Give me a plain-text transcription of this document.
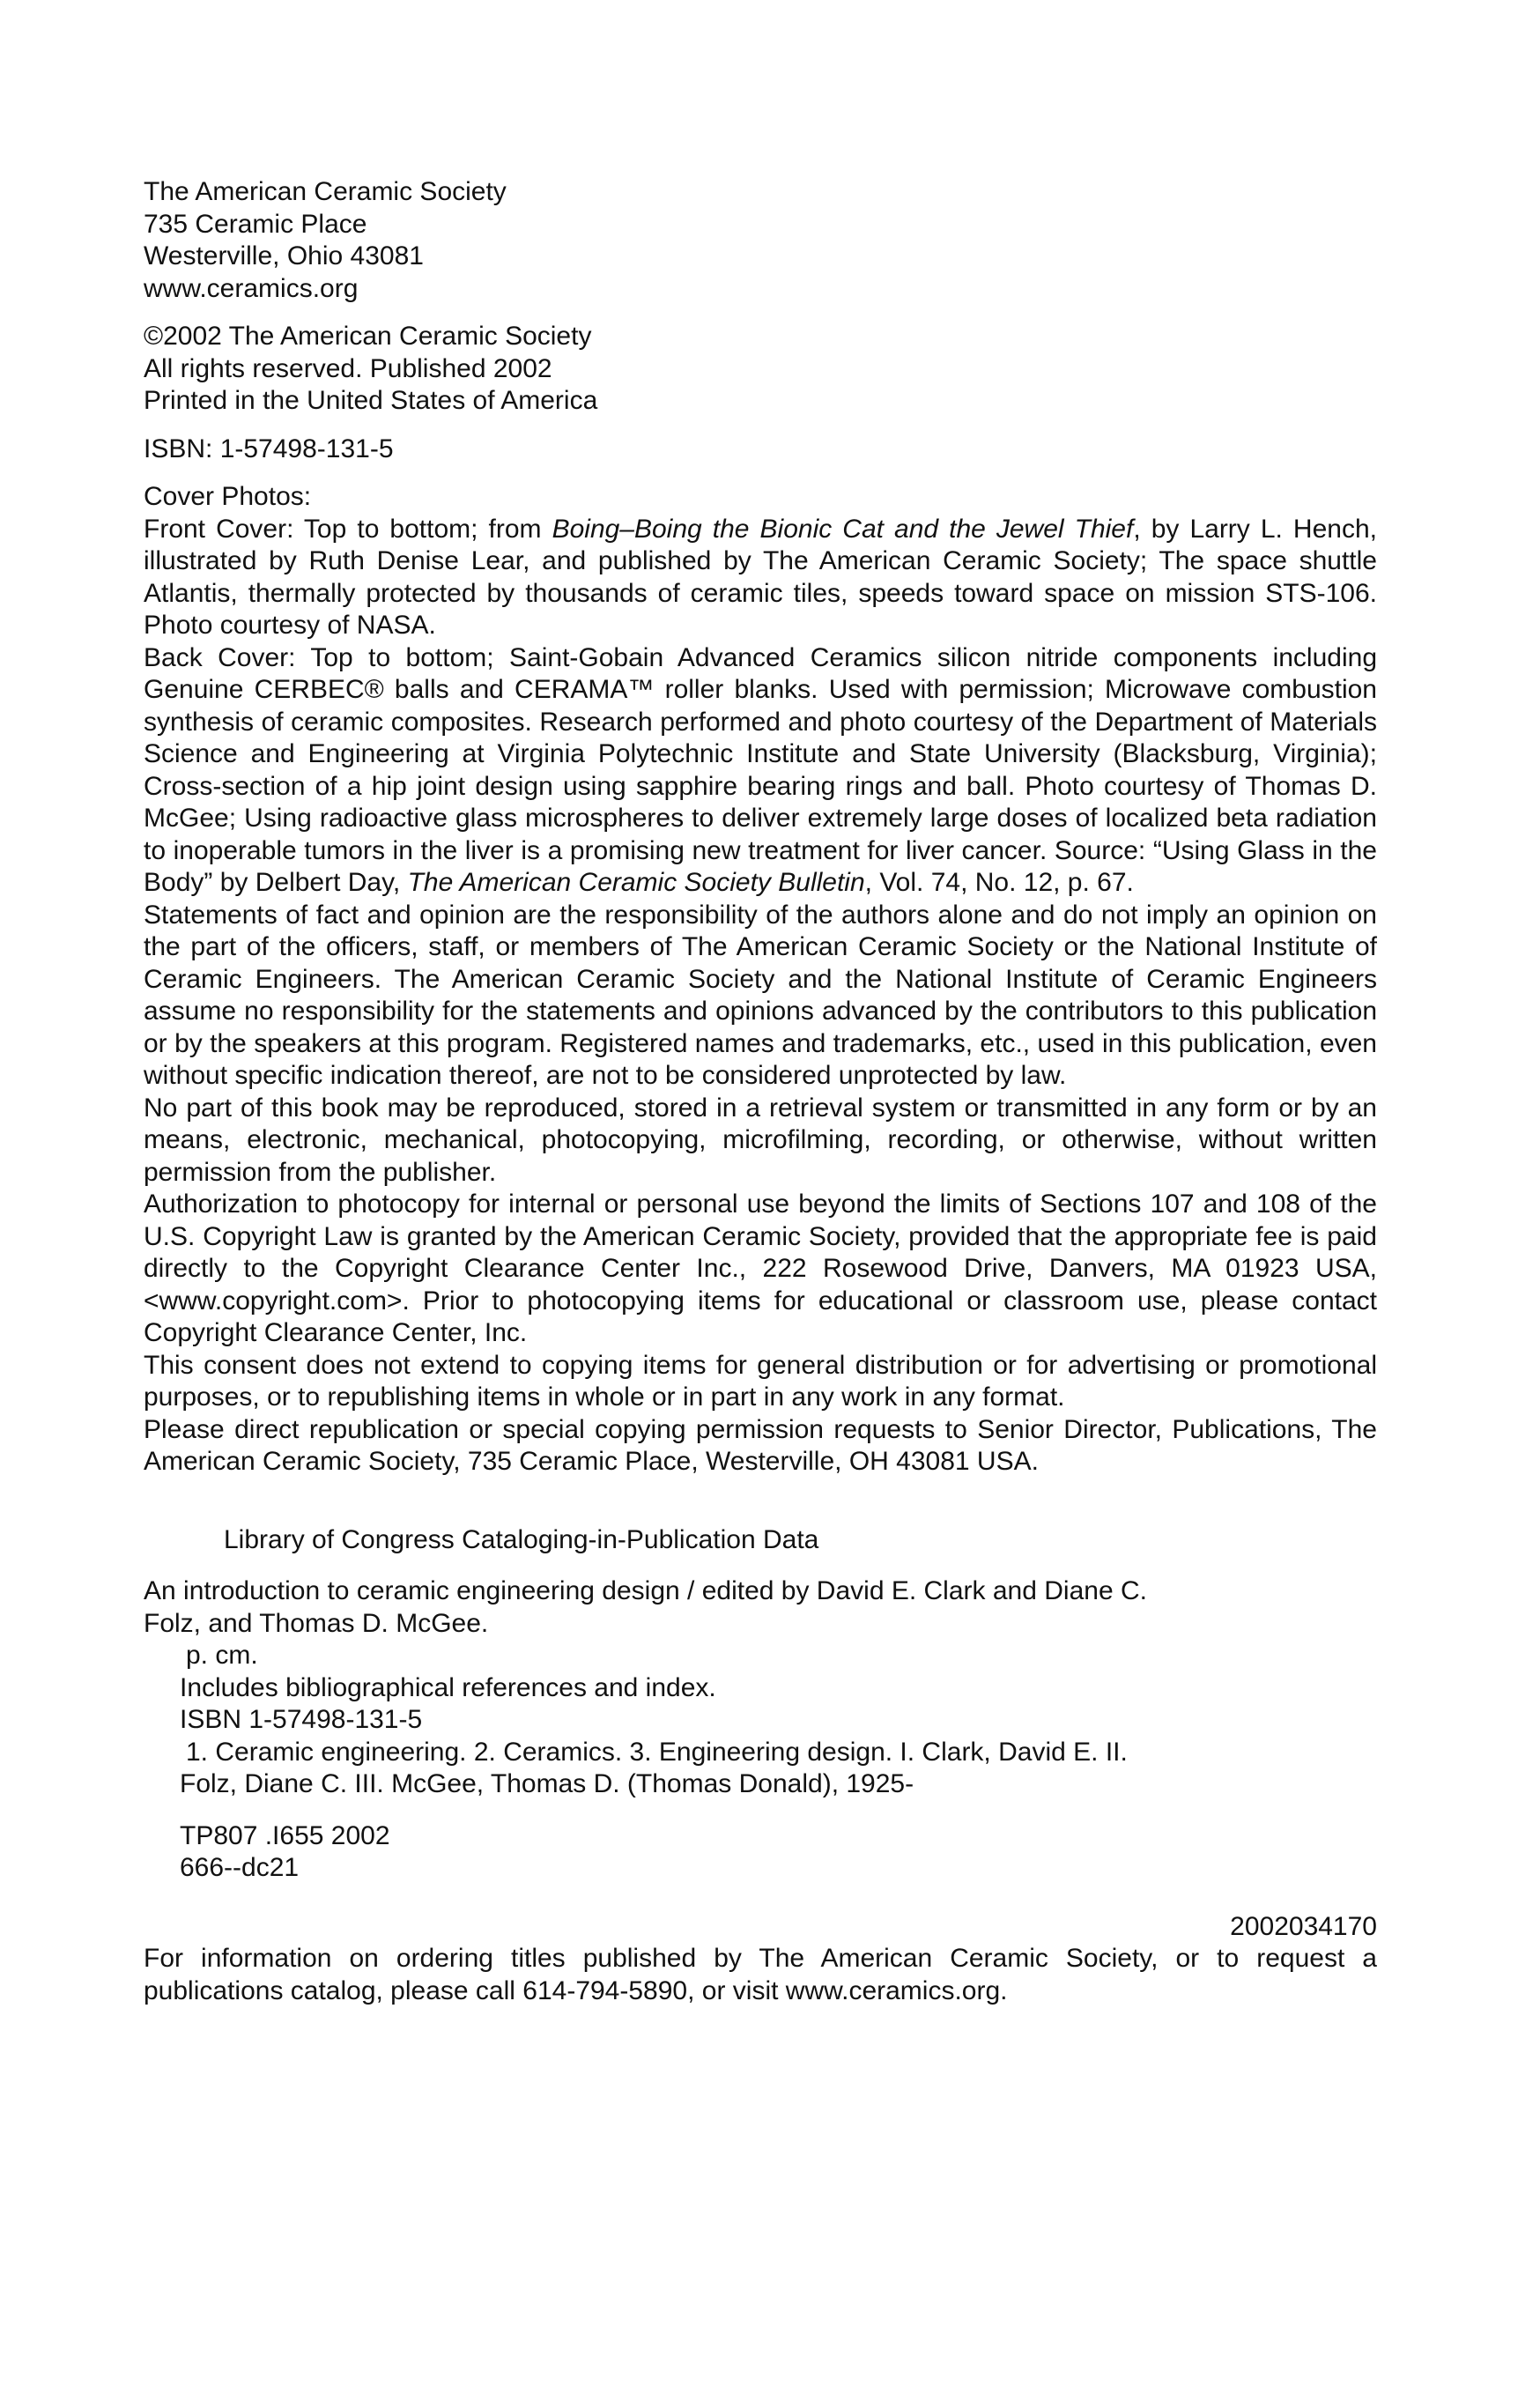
The American Ceramic Society
735 Ceramic Place
Westerville, Ohio 43081
www.ceramics.org
©2002 The American Ceramic Society
All rights reserved. Published 2002
Printed in the United States of America
ISBN: 1-57498-131-5
Cover Photos:

Front Cover: Top to bottom; from Boing–Boing the Bionic Cat and the Jewel Thief, by Larry L. Hench, illustrated by Ruth Denise Lear, and published by The American Ceramic Society; The space shuttle Atlantis, thermally protected by thousands of ceramic tiles, speeds toward space on mission STS-106. Photo courtesy of NASA.

Back Cover: Top to bottom; Saint-Gobain Advanced Ceramics silicon nitride components including Genuine CERBEC® balls and CERAMA™ roller blanks. Used with permission; Microwave combustion synthesis of ceramic composites. Research performed and photo courtesy of the Department of Materials Science and Engineering at Virginia Polytechnic Institute and State University (Blacksburg, Virginia); Cross-section of a hip joint design using sapphire bearing rings and ball. Photo courtesy of Thomas D. McGee; Using radioactive glass microspheres to deliver extremely large doses of localized beta radiation to inoperable tumors in the liver is a promising new treatment for liver cancer. Source: “Using Glass in the Body” by Delbert Day, The American Ceramic Society Bulletin, Vol. 74, No. 12, p. 67.

Statements of fact and opinion are the responsibility of the authors alone and do not imply an opinion on the part of the officers, staff, or members of The American Ceramic Society or the National Institute of Ceramic Engineers. The American Ceramic Society and the National Institute of Ceramic Engineers assume no responsibility for the statements and opinions advanced by the contributors to this publication or by the speakers at this program. Registered names and trademarks, etc., used in this publication, even without specific indication thereof, are not to be considered unprotected by law.

No part of this book may be reproduced, stored in a retrieval system or transmitted in any form or by an means, electronic, mechanical, photocopying, microfilming, recording, or otherwise, without written permission from the publisher.

Authorization to photocopy for internal or personal use beyond the limits of Sections 107 and 108 of the U.S. Copyright Law is granted by the American Ceramic Society, provided that the appropriate fee is paid directly to the Copyright Clearance Center Inc., 222 Rosewood Drive, Danvers, MA 01923 USA, <www.copyright.com>. Prior to photocopying items for educational or classroom use, please contact Copyright Clearance Center, Inc.

This consent does not extend to copying items for general distribution or for advertising or promotional purposes, or to republishing items in whole or in part in any work in any format.

Please direct republication or special copying permission requests to Senior Director, Publications, The American Ceramic Society, 735 Ceramic Place, Westerville, OH 43081 USA.

Library of Congress Cataloging-in-Publication Data
An introduction to ceramic engineering design / edited by David E. Clark and Diane C.
Folz, and Thomas D. McGee.
p. cm.
Includes bibliographical references and index.
ISBN 1-57498-131-5
1. Ceramic engineering. 2. Ceramics. 3. Engineering design. I. Clark, David E. II.
Folz, Diane C. III. McGee, Thomas D. (Thomas Donald), 1925-
TP807 .I655 2002
666--dc21
2002034170

For information on ordering titles published by The American Ceramic Society, or to request a publications catalog, please call 614-794-5890, or visit www.ceramics.org.
